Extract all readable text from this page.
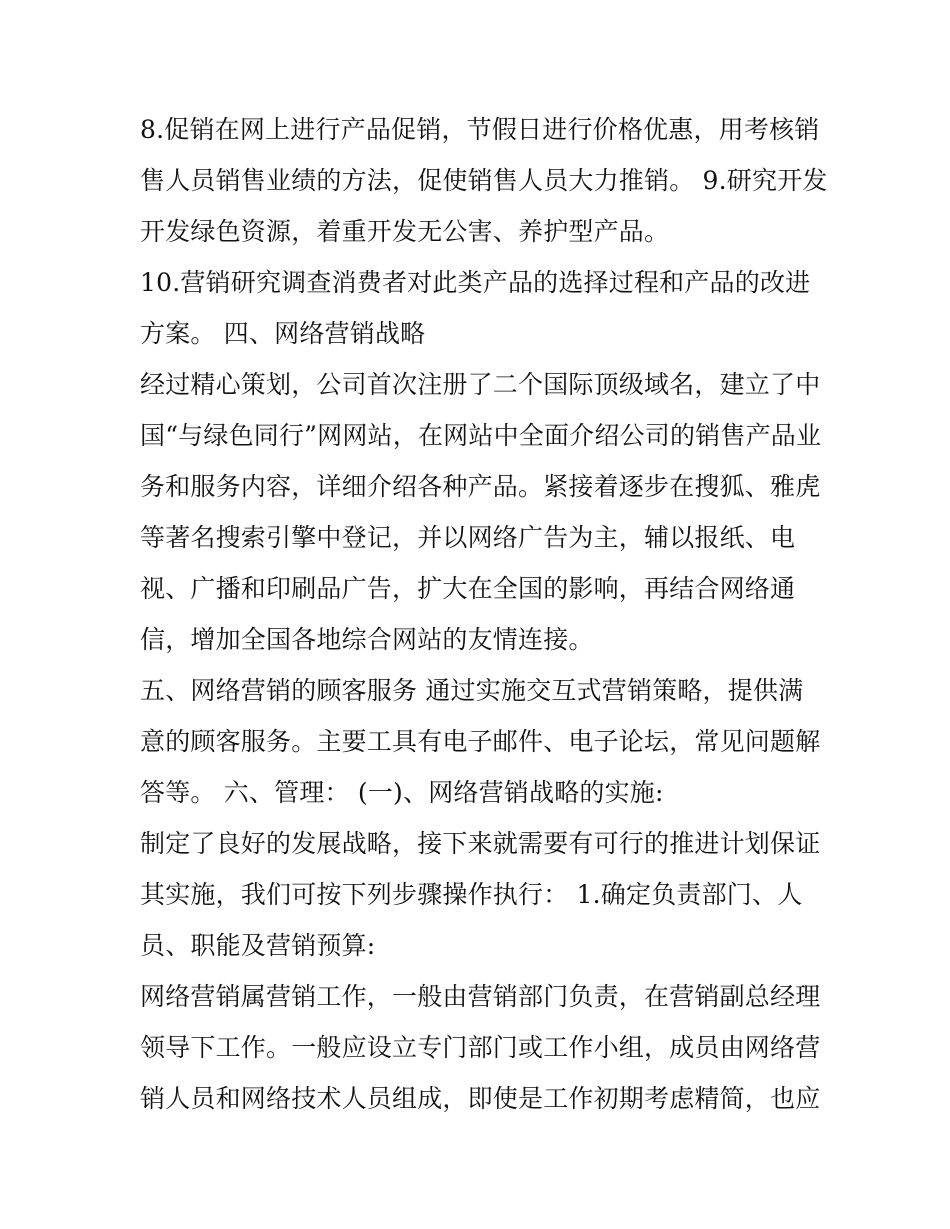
8.促销在网上进行产品促销，节假日进行价格优惠，用考核销
售人员销售业绩的方法，促使销售人员大力推销。 9.研究开发
开发绿色资源，着重开发无公害、养护型产品。
10.营销研究调查消费者对此类产品的选择过程和产品的改进
方案。 四、网络营销战略
经过精心策划，公司首次注册了二个国际顶级域名，建立了中
国“与绿色同行”网网站，在网站中全面介绍公司的销售产品业
务和服务内容，详细介绍各种产品。紧接着逐步在搜狐、雅虎
等著名搜索引擎中登记，并以网络广告为主，辅以报纸、电
视、广播和印刷品广告，扩大在全国的影响，再结合网络通
信，增加全国各地综合网站的友情连接。
五、网络营销的顾客服务 通过实施交互式营销策略，提供满
意的顾客服务。主要工具有电子邮件、电子论坛，常见问题解
答等。 六、管理： (一)、网络营销战略的实施:
制定了良好的发展战略，接下来就需要有可行的推进计划保证
其实施，我们可按下列步骤操作执行： 1.确定负责部门、人
员、职能及营销预算:
网络营销属营销工作，一般由营销部门负责，在营销副总经理
领导下工作。一般应设立专门部门或工作小组，成员由网络营
销人员和网络技术人员组成，即使是工作初期考虑精简，也应
